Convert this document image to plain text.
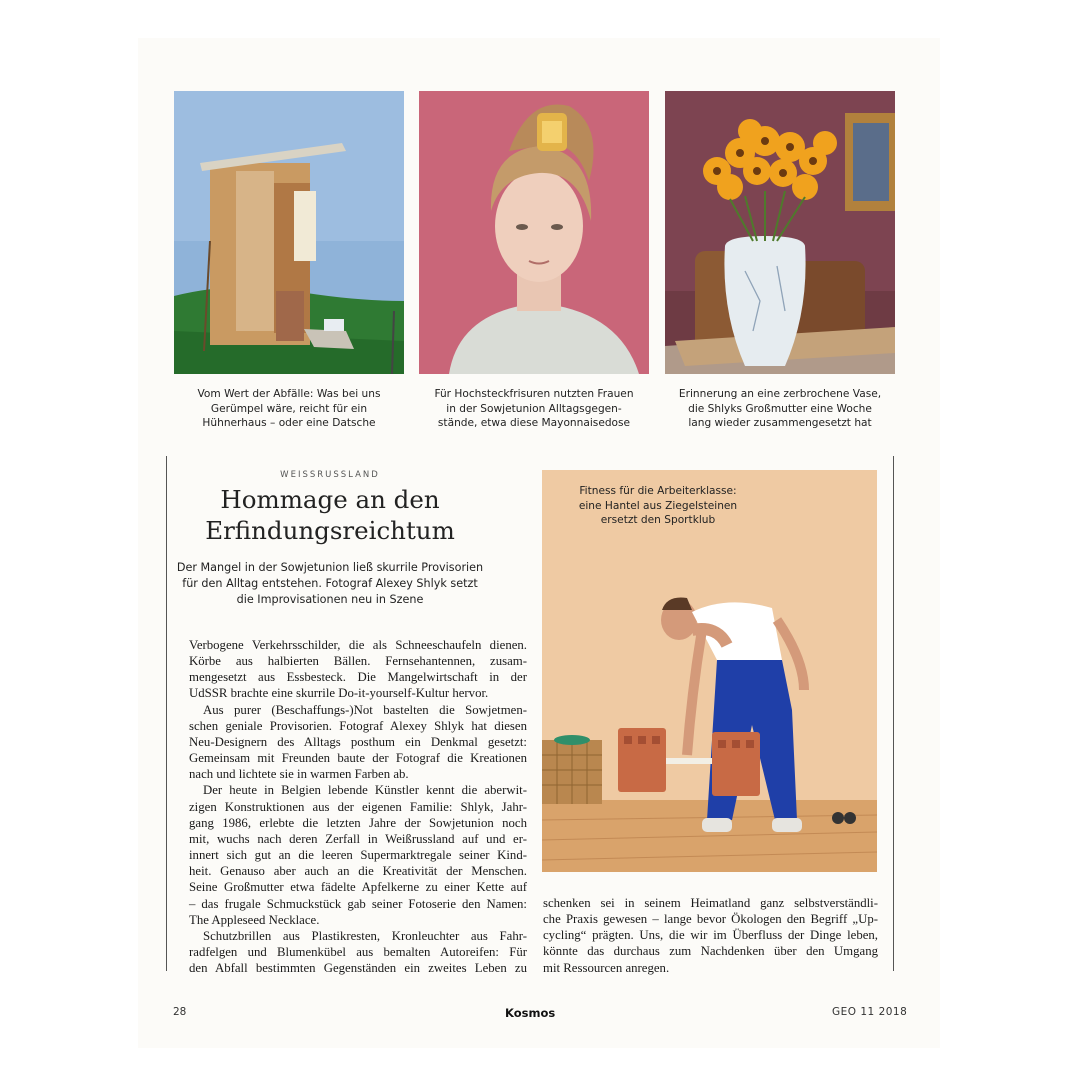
Vom Wert der Abfälle: Was bei uns
Gerümpel wäre, reicht für ein
Hühnerhaus – oder eine Datsche
Für Hochsteckfrisuren nutzten Frauen
in der Sowjetunion Alltagsgegen-
stände, etwa diese Mayonnaisedose
Erinnerung an eine zerbrochene Vase,
die Shlyks Großmutter eine Woche
lang wieder zusammengesetzt hat
WEISSRUSSLAND
Hommage an den
Erfindungsreichtum
Der Mangel in der Sowjetunion ließ skurrile Provisorien
für den Alltag entstehen. Fotograf Alexey Shlyk setzt
die Improvisationen neu in Szene
Fitness für die Arbeiterklasse:
eine Hantel aus Ziegelsteinen
ersetzt den Sportklub
Verbogene Verkehrsschilder, die als Schneeschaufeln dienen.
Körbe aus halbierten Bällen. Fernsehantennen, zusam-
mengesetzt aus Essbesteck. Die Mangelwirtschaft in der
UdSSR brachte eine skurrile Do-it-yourself-Kultur hervor.
Aus purer (Beschaffungs-)Not bastelten die Sowjetmen-
schen geniale Provisorien. Fotograf Alexey Shlyk hat diesen
Neu-Designern des Alltags posthum ein Denkmal gesetzt:
Gemeinsam mit Freunden baute der Fotograf die Kreationen
nach und lichtete sie in warmen Farben ab.
Der heute in Belgien lebende Künstler kennt die aberwit-
zigen Konstruktionen aus der eigenen Familie: Shlyk, Jahr-
gang 1986, erlebte die letzten Jahre der Sowjetunion noch
mit, wuchs nach deren Zerfall in Weißrussland auf und er-
innert sich gut an die leeren Supermarktregale seiner Kind-
heit. Genauso aber auch an die Kreativität der Menschen.
Seine Großmutter etwa fädelte Apfelkerne zu einer Kette auf
– das frugale Schmuckstück gab seiner Fotoserie den Namen:
The Appleseed Necklace.
Schutzbrillen aus Plastikresten, Kronleuchter aus Fahr-
radfelgen und Blumenkübel aus bemalten Autoreifen: Für
den Abfall bestimmten Gegenständen ein zweites Leben zu
schenken sei in seinem Heimatland ganz selbstverständli-
che Praxis gewesen – lange bevor Ökologen den Begriff „Up-
cycling“ prägten. Uns, die wir im Überfluss der Dinge leben,
könnte das durchaus zum Nachdenken über den Umgang
mit Ressourcen anregen.
28	Kosmos	GEO 11 2018
